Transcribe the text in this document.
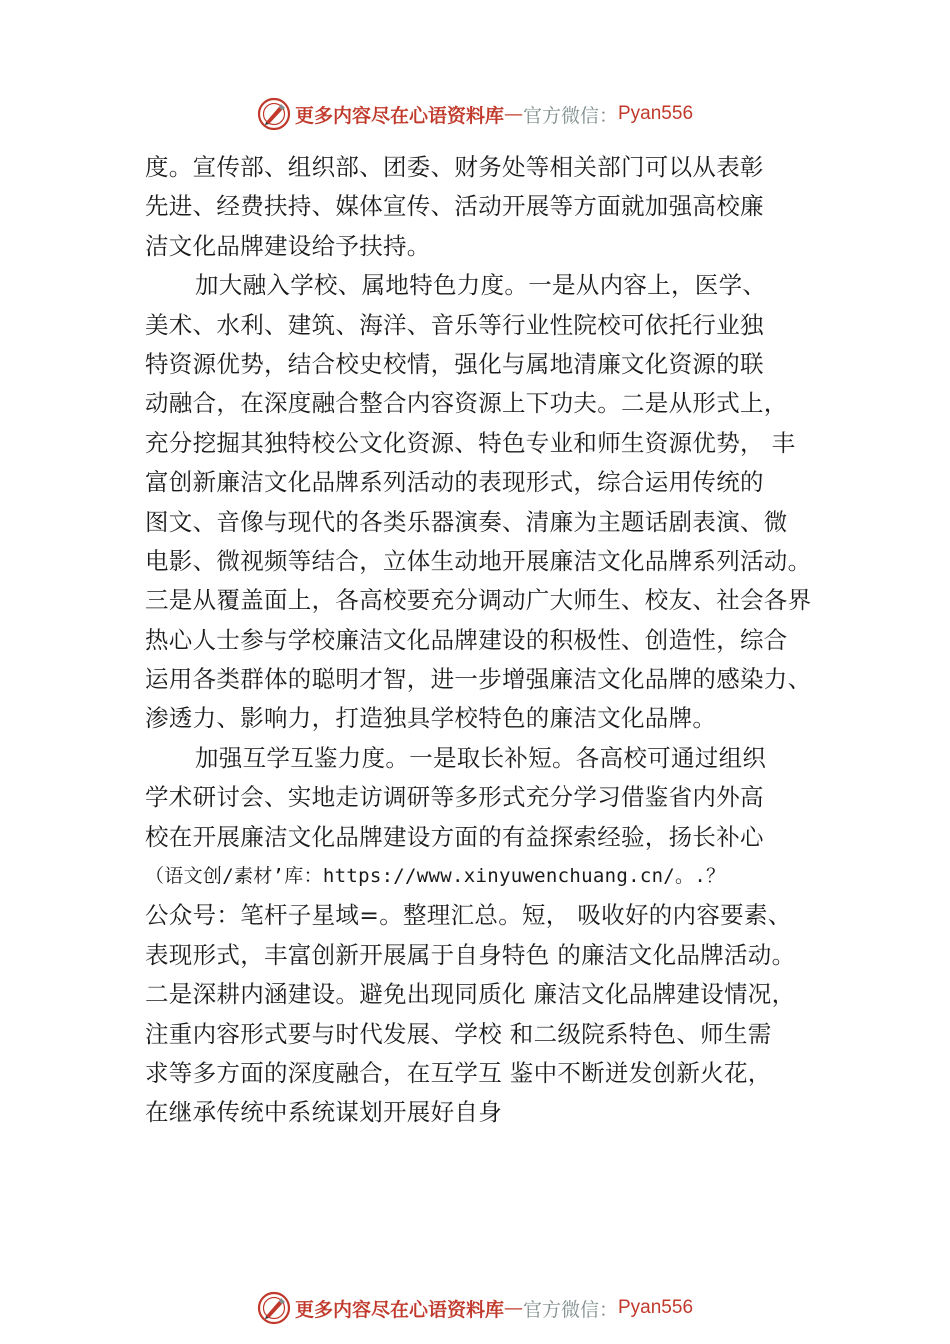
更多内容尽在心语资料库 — 官方微信： Pyan556
度。宣传部、组织部、团委、财务处等相关部门可以从表彰
先进、经费扶持、媒体宣传、活动开展等方面就加强高校廉
洁文化品牌建设给予扶持。
加大融入学校、属地特色力度。一是从内容上，医学、
美术、水利、建筑、海洋、音乐等行业性院校可依托行业独
特资源优势，结合校史校情，强化与属地清廉文化资源的联
动融合，在深度融合整合内容资源上下功夫。二是从形式上，
充分挖掘其独特校公文化资源、特色专业和师生资源优势， 丰
富创新廉洁文化品牌系列活动的表现形式，综合运用传统的
图文、音像与现代的各类乐器演奏、清廉为主题话剧表演、微
电影、微视频等结合，立体生动地开展廉洁文化品牌系列活动。
三是从覆盖面上，各高校要充分调动广大师生、校友、社会各界
热心人士参与学校廉洁文化品牌建设的积极性、创造性，综合
运用各类群体的聪明才智，进一步增强廉洁文化品牌的感染力、
渗透力、影响力，打造独具学校特色的廉洁文化品牌。
加强互学互鉴力度。一是取长补短。各高校可通过组织
学术研讨会、实地走访调研等多形式充分学习借鉴省内外高
校在开展廉洁文化品牌建设方面的有益探索经验，扬长补心
（语文创/素材’库：https://www.xinyuwenchuang.cn/。.？
公众号：笔杆子星域=。整理汇总。短， 吸收好的内容要素、
表现形式，丰富创新开展属于自身特色 的廉洁文化品牌活动。
二是深耕内涵建设。避免出现同质化 廉洁文化品牌建设情况，
注重内容形式要与时代发展、学校 和二级院系特色、师生需
求等多方面的深度融合，在互学互 鉴中不断迸发创新火花，
在继承传统中系统谋划开展好自身
更多内容尽在心语资料库 — 官方微信： Pyan556
